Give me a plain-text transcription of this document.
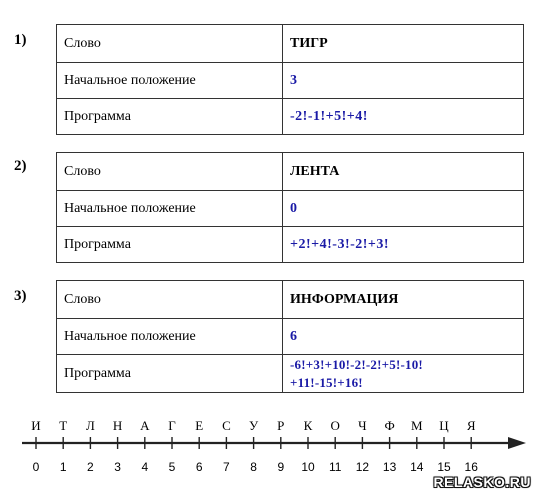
1)	Слово	ТИГР
Начальное положение	3
Программа	-2!-1!+5!+4!
2)	Слово	ЛЕНТА
Начальное положение	0
Программа	+2!+4!-3!-2!+3!
3)	Слово	ИНФОРМАЦИЯ
Начальное положение	6
Программа	-6!+3!+10!-2!-2!+5!-10!
+11!-15!+16!
И
0
Т
1
Л
2
Н
3
А
4
Г
5
Е
6
С
7
У
8
Р
9
К
10
О
11
Ч
12
Ф
13
М
14
Ц
15
Я
16
RELASKO.RU
